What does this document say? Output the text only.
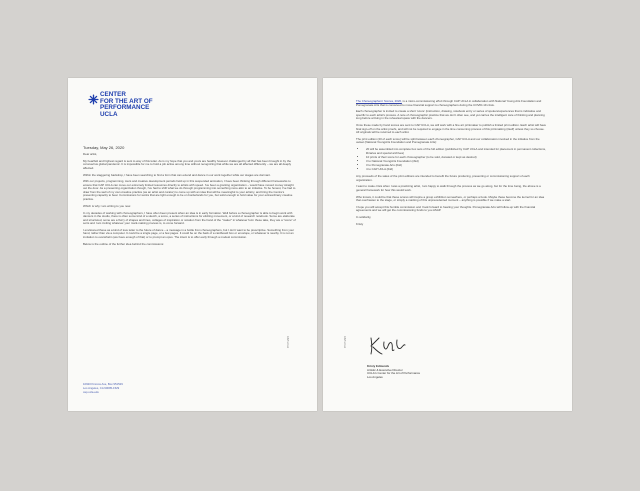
CENTER
FOR THE ART OF
PERFORMANCE
UCLA
Tuesday, May 26, 2020

Dear artist,

My heartfelt and highest regard is sent to way of this letter. As is my hope that you and yours are healthy however challenged by all that has been brought in by the coronavirus global pandemic. It is impossible for me to hold a job active among time without recognizing that while we are all affected differently – we are all deeply affected.

Within the staggering backdrop, I have been searching to find a form that can extend and dance in our work together while our stages are dormant.

With our projects, programming, tours and creative development periods held up in this suspended animation, I have been thinking through different frameworks to ensure that CAP UCLA can move our extremely limited resources directly to artists with speed. I've been a granting organization – would have moved money straight out the door. As a presenting organization though, I've had to shift what we do through programming into something more akin to an initiative. To be honest, I've had to draw from the well of my own creative practice (as an artist and curator) to come up with an idea that will be meaningful to your artistry, and bring the Centre's presenting capacity to bear. Commissions for works that are light enough to be on borderlands for you, but solid enough to hold value for your extraordinary creative practice.

Which is why I am writing to you now.

In my decades of working with choreographers, I have often been present when an idea is in early formation. Well before a choreographer is able to begin work with dancers in the studio, there is often some kind of a sketch, a score, a series of instructions for eliciting movement, or a kind of research notebook. Some are elaborate and structured, some are a flurry of shapes and lines, collages of inspiration or notation from the hand of the "maker" in whatever form these take, they are a "score" of sorts and I am inviting whatever your mark-making process is, to come forward.

I envisioned these as a kind of love letter to the future of dance – a message in a bottle from choreographers, but I don't want to be prescriptive. Something from your hand, rather than via a computer. It could be a single page, or a few pages. It could be on the back of a cardboard box or envelope, or whatever is nearby. It is not an invitation to overwhelm (we have enough of that) or to prompt an opus. The intent is to offer early through a modest commission.

Below is the outline of the further idea behind the commissions:

10920 Kinross Ave, Box 951529
Los Angeles, CA 90095-1529
cap.ucla.edu
CAP UCLA

The Choreographers' Scores, 2020, is a micro-commissioning effort through CAP UCLA in collaboration with National Young Arts Foundation and Pomegranate Arts that is conceived to move financial support to choreographers during the COVID-19 crisis.

Each choreographer is invited to create a short 'score' (instruction, drawing, notebook entry or series of spoken/experiences that is indicative and specific to each artist's process. A note of choreographic practice that we don't often see, and yet carries the intelligent care of thinking and planning long before arriving in the rehearsal space with the dancers.

Once these made by hand scores are sent to CAP UCLA, we will work with a fine art printmaker to publish a limited print edition. Each artist will have final sign-off on the artist proofs, and will not be required to engage in the time consuming process of this printmaking (itself) unless they so choose. All originals will be returned to each artist.

The print edition (20 of each score) will be split between each choreographer, CAP UCLA and our collaborators involved in the initiative from the outset (National YoungArts Foundation and Pomegranate Arts):

• 20 will be assembled into complete box sets of the full edition (published by CAP UCLA and intended for placement in permanent collections, libraries and special archives)
• 10 prints of their score for each choreographer (to be sold, donated or kept as desired)
• 3 to National YoungArts Foundation (ibid)
• 3 to Pomegranate Arts (ibid)
• 4 to CAP UCLA (ibid)

Any proceeds of the sales of the print editions are intended to benefit the future producing, presenting or commissioning support of each organization.

I want to make crisis when I was a practicing artist, I am happy to walk through the process as we go along, but for the time being, the above is a general framework for how this would work.

Who knows, it could be that these scores will inspire a group exhibition somewhere, or perhaps a book. Maybe these become the kernel for an idea that overhasten to the stage, or simply a marking of this unprecedented moment – anything is possible if we make a start.

I hope you will accept this humble commission and I look forward to hearing your thoughts. Pomegranate Arts will follow-up with the financial agreements and we will get the commissioning funds to you ASAP.

In solidarity,

Kristy

Kristy Edmunds
Artistic & Executive Director
UCLA's Center for the Art of Performance
Los Angeles
CAP UCLA
